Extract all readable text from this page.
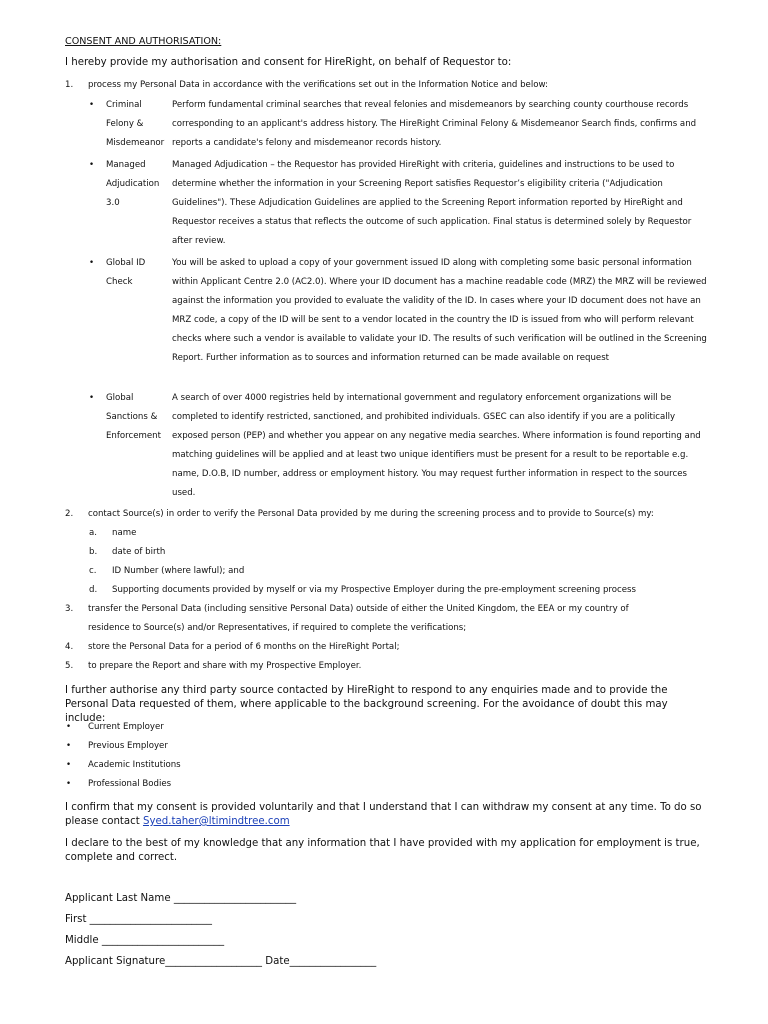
CONSENT AND AUTHORISATION:
I hereby provide my authorisation and consent for HireRight, on behalf of Requestor to:
1. process my Personal Data in accordance with the verifications set out in the Information Notice and below:
• Criminal Felony & Misdemeanor
Perform fundamental criminal searches that reveal felonies and misdemeanors by searching county courthouse records corresponding to an applicant's address history. The HireRight Criminal Felony & Misdemeanor Search finds, confirms and reports a candidate's felony and misdemeanor records history.
• Managed Adjudication 3.0
Managed Adjudication – the Requestor has provided HireRight with criteria, guidelines and instructions to be used to determine whether the information in your Screening Report satisfies Requestor’s eligibility criteria ("Adjudication Guidelines"). These Adjudication Guidelines are applied to the Screening Report information reported by HireRight and Requestor receives a status that reflects the outcome of such application. Final status is determined solely by Requestor after review.
• Global ID Check
You will be asked to upload a copy of your government issued ID along with completing some basic personal information within Applicant Centre 2.0 (AC2.0). Where your ID document has a machine readable code (MRZ) the MRZ will be reviewed against the information you provided to evaluate the validity of the ID. In cases where your ID document does not have an MRZ code, a copy of the ID will be sent to a vendor located in the country the ID is issued from who will perform relevant checks where such a vendor is available to validate your ID. The results of such verification will be outlined in the Screening Report. Further information as to sources and information returned can be made available on request
• Global Sanctions & Enforcement
A search of over 4000 registries held by international government and regulatory enforcement organizations will be completed to identify restricted, sanctioned, and prohibited individuals. GSEC can also identify if you are a politically exposed person (PEP) and whether you appear on any negative media searches. Where information is found reporting and matching guidelines will be applied and at least two unique identifiers must be present for a result to be reportable e.g. name, D.O.B, ID number, address or employment history. You may request further information in respect to the sources used.
2. contact Source(s) in order to verify the Personal Data provided by me during the screening process and to provide to Source(s) my:
a. name
b. date of birth
c. ID Number (where lawful); and
d. Supporting documents provided by myself or via my Prospective Employer during the pre-employment screening process
3. transfer the Personal Data (including sensitive Personal Data) outside of either the United Kingdom, the EEA or my country of
residence to Source(s) and/or Representatives, if required to complete the verifications;
4. store the Personal Data for a period of 6 months on the HireRight Portal;
5. to prepare the Report and share with my Prospective Employer.
I further authorise any third party source contacted by HireRight to respond to any enquiries made and to provide the Personal Data requested of them, where applicable to the background screening. For the avoidance of doubt this may include:
• Current Employer
• Previous Employer
• Academic Institutions
• Professional Bodies
I confirm that my consent is provided voluntarily and that I understand that I can withdraw my consent at any time. To do so please contact Syed.taher@ltimindtree.com
I declare to the best of my knowledge that any information that I have provided with my application for employment is true, complete and correct.
Applicant Last Name ________________________
First ________________________
Middle ________________________
Applicant Signature___________________ Date_________________
